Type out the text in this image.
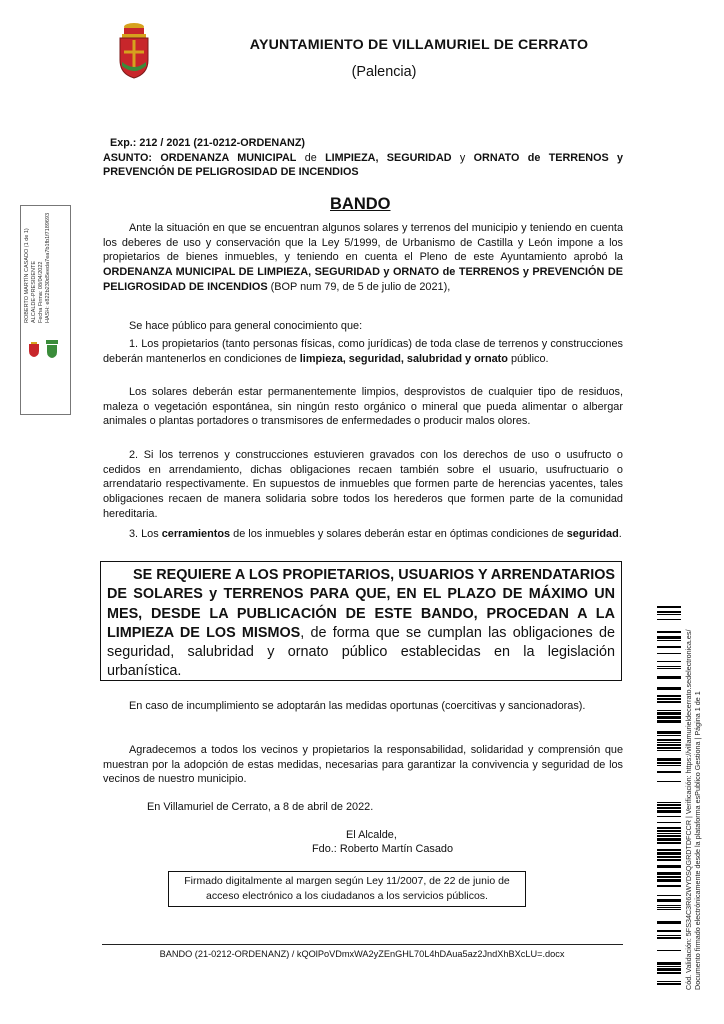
AYUNTAMIENTO DE VILLAMURIEL DE CERRATO
(Palencia)
Exp.: 212 / 2021 (21-0212-ORDENANZ)
ASUNTO: ORDENANZA MUNICIPAL de LIMPIEZA, SEGURIDAD y ORNATO de TERRENOS y PREVENCIÓN DE PELIGROSIDAD DE INCENDIOS
BANDO
Ante la situación en que se encuentran algunos solares y terrenos del municipio y teniendo en cuenta los deberes de uso y conservación que la Ley 5/1999, de Urbanismo de Castilla y León impone a los propietarios de bienes inmuebles, y teniendo en cuenta el Pleno de este Ayuntamiento aprobó la ORDENANZA MUNICIPAL DE LIMPIEZA, SEGURIDAD y ORNATO de TERRENOS y PREVENCIÓN DE PELIGROSIDAD DE INCENDIOS (BOP num 79, de 5 de julio de 2021),
Se hace público para general conocimiento que:
1. Los propietarios (tanto personas físicas, como jurídicas) de toda clase de terrenos y construcciones deberán mantenerlos en condiciones de limpieza, seguridad, salubridad y ornato público.
Los solares deberán estar permanentemente limpios, desprovistos de cualquier tipo de residuos, maleza o vegetación espontánea, sin ningún resto orgánico o mineral que pueda alimentar o albergar animales o plantas portadores o transmisores de enfermedades o producir malos olores.
2. Si los terrenos y construcciones estuvieren gravados con los derechos de uso o usufructo o cedidos en arrendamiento, dichas obligaciones recaen también sobre el usuario, usufructuario o arrendatario respectivamente. En supuestos de inmuebles que formen parte de herencias yacentes, tales obligaciones recaen de manera solidaria sobre todos los herederos que formen parte de la comunidad hereditaria.
3. Los cerramientos de los inmuebles y solares deberán estar en óptimas condiciones de seguridad.
SE REQUIERE A LOS PROPIETARIOS, USUARIOS Y ARRENDATARIOS DE SOLARES y TERRENOS PARA QUE, EN EL PLAZO DE MÁXIMO UN MES, DESDE LA PUBLICACIÓN DE ESTE BANDO, PROCEDAN A LA LIMPIEZA DE LOS MISMOS, de forma que se cumplan las obligaciones de seguridad, salubridad y ornato público establecidas en la legislación urbanística.
En caso de incumplimiento se adoptarán las medidas oportunas (coercitivas y sancionadoras).
Agradecemos a todos los vecinos y propietarios la responsabilidad, solidaridad y comprensión que muestran por la adopción de estas medidas, necesarias para garantizar la convivencia y seguridad de los vecinos de nuestro municipio.
En Villamuriel de Cerrato, a 8 de abril de 2022.
El Alcalde,
Fdo.: Roberto Martín Casado
Firmado digitalmente al margen según Ley 11/2007, de 22 de junio de
acceso electrónico a los ciudadanos a los servicios públicos.
BANDO (21-0212-ORDENANZ) / kQOlPoVDmxWA2yZEnGHL70L4hDAua5az2JndXhBXcLU=.docx
ROBERTO MARTÍN CASADO (1 de 1) ALCALDE-PRESIDENTE Fecha Firma: 08/04/2022 HASH: e822b230d5eeda7ea7b1fb1f7189693
Cód. Validación: 5FS34C3R62WYDSQGRDTDFCCR | Verificación: https://villamurieldecerrato.sedelectronica.es/ Documento firmado electrónicamente desde la plataforma esPublico Gestiona | Página 1 de 1
